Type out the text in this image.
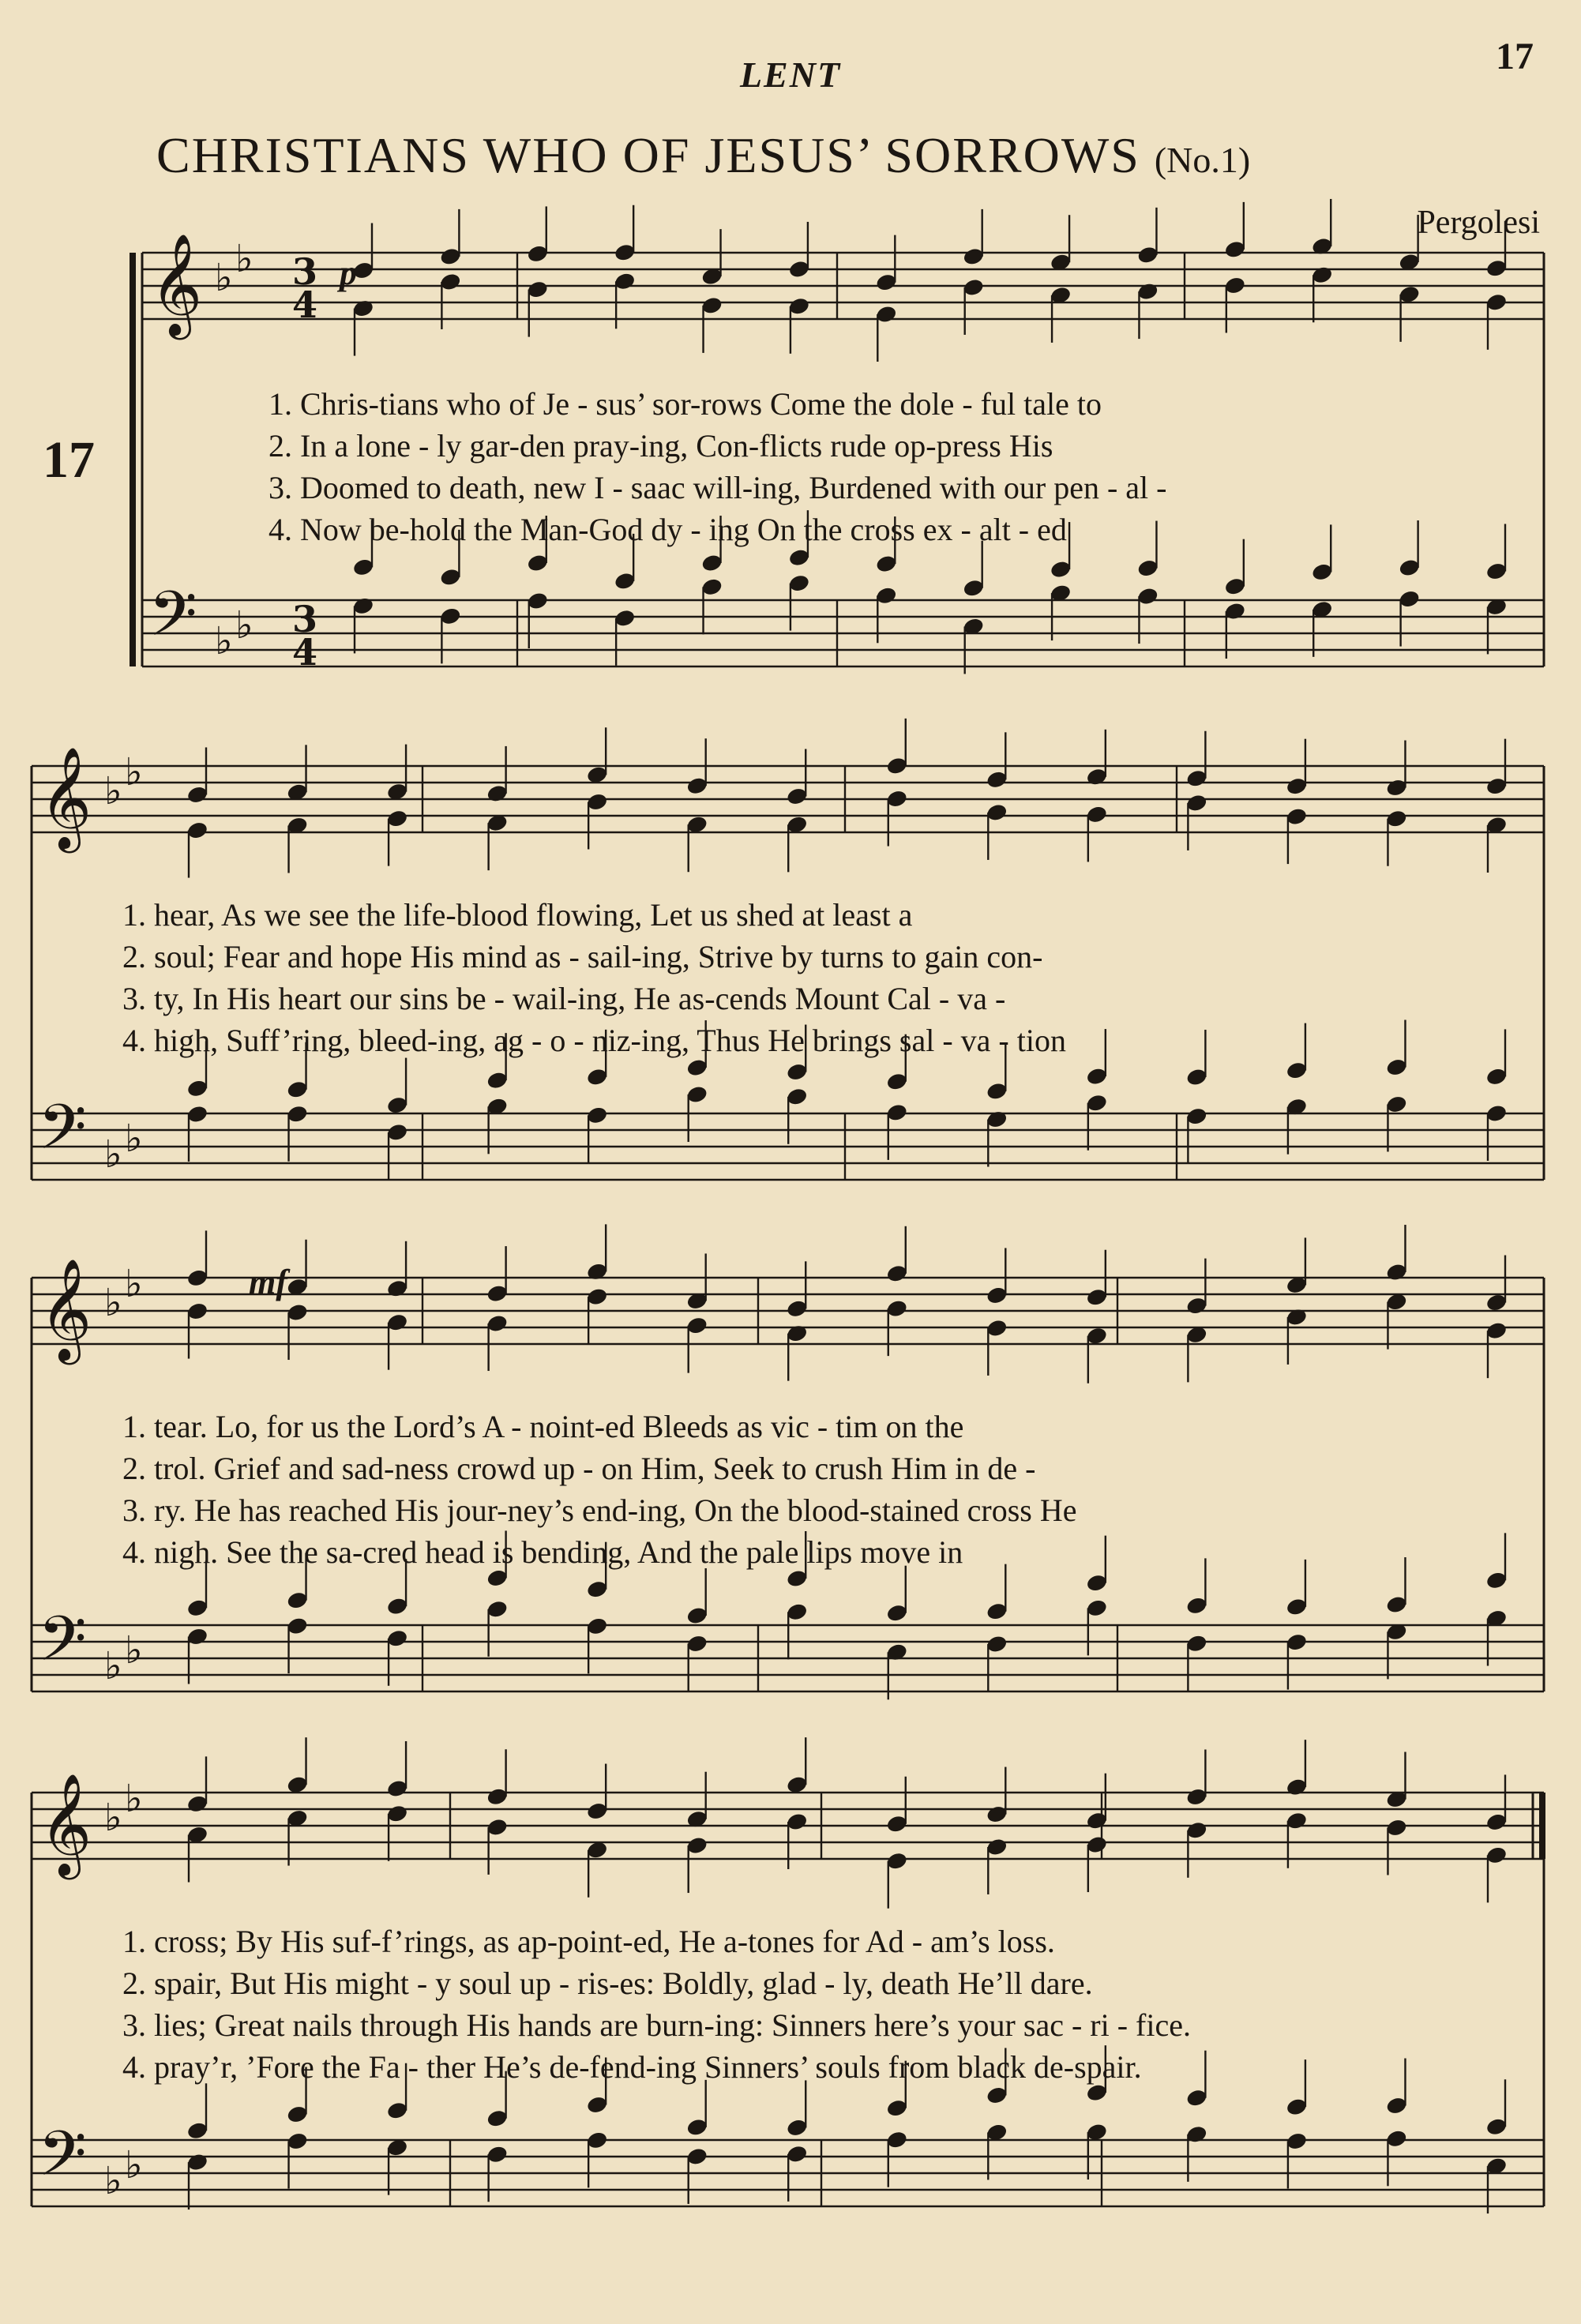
LENT	17
CHRISTIANS WHO OF JESUS’ SORROWS (No.1)
Pergolesi
17
𝄞
𝄢
♭
♭
♭
♭
3
3
4
4
p
1. Chris-tians who of Je - sus’ sor-rows Come the dole - ful tale to
2. In a lone - ly gar-den pray-ing, Con-flicts rude op-press His
3. Doomed to death, new I - saac will-ing, Burdened with our pen - al -
4. Now be-hold the Man-God dy - ing On the cross ex - alt - ed
𝄞
𝄢
♭
♭
♭
♭
1. hear, As we see the life-blood flowing, Let us shed at least a
2. soul; Fear and hope His mind as - sail-ing, Strive by turns to gain con-
3. ty, In His heart our sins be - wail-ing, He as-cends Mount Cal - va -
4. high, Suff’ring, bleed-ing, ag - o - niz-ing, Thus He brings sal - va - tion
𝄞
𝄢
♭
♭
♭
♭
mf
1. tear. Lo, for us the Lord’s A - noint-ed Bleeds as vic - tim on the
2. trol. Grief and sad-ness crowd up - on Him, Seek to crush Him in de -
3. ry. He has reached His jour-ney’s end-ing, On the blood-stained cross He
4. nigh. See the sa-cred head is bending, And the pale lips move in
𝄞
𝄢
♭
♭
♭
♭
1. cross; By His suf-f’rings, as ap-point-ed, He a-tones for Ad - am’s loss.
2. spair, But His might - y soul up - ris-es: Boldly, glad - ly, death He’ll dare.
3. lies; Great nails through His hands are burn-ing: Sinners here’s your sac - ri - fice.
4. pray’r, ’Fore the Fa - ther He’s de-fend-ing Sinners’ souls from black de-spair.
